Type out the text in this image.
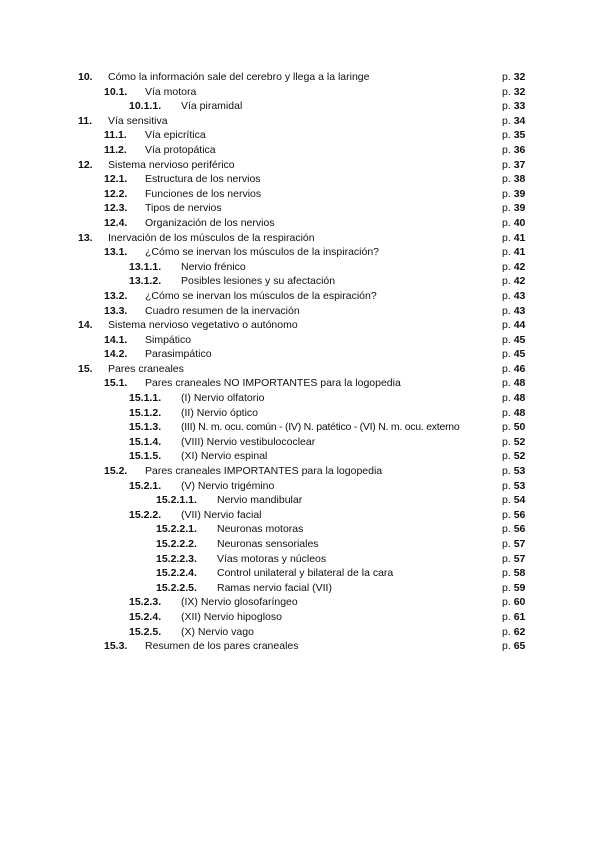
10. Cómo la información sale del cerebro y llega a la laringe	p. 32
10.1. Vía motora	p. 32
10.1.1. Vía piramidal	p. 33
11. Vía sensitiva	p. 34
11.1. Vía epicrítica	p. 35
11.2. Vía protopática	p. 36
12. Sistema nervioso periférico	p. 37
12.1. Estructura de los nervios	p. 38
12.2. Funciones de los nervios	p. 39
12.3. Tipos de nervios	p. 39
12.4. Organización de los nervios	p. 40
13. Inervación de los músculos de la respiración	p. 41
13.1. ¿Cómo se inervan los músculos de la inspiración?	p. 41
13.1.1. Nervio frénico	p. 42
13.1.2. Posibles lesiones y su afectación	p. 42
13.2. ¿Cómo se inervan los músculos de la espiración?	p. 43
13.3. Cuadro resumen de la inervación	p. 43
14. Sistema nervioso vegetativo o autónomo	p. 44
14.1. Simpático	p. 45
14.2. Parasimpático	p. 45
15. Pares craneales	p. 46
15.1. Pares craneales NO IMPORTANTES para la logopedia	p. 48
15.1.1. (I) Nervio olfatorio	p. 48
15.1.2. (II) Nervio óptico	p. 48
15.1.3. (III) N. m. ocu. común - (IV) N. patético - (VI) N. m. ocu. externo	p. 50
15.1.4. (VIII) Nervio vestibulococlear	p. 52
15.1.5. (XI) Nervio espinal	p. 52
15.2. Pares craneales IMPORTANTES para la logopedia	p. 53
15.2.1. (V) Nervio trigémino	p. 53
15.2.1.1. Nervio mandibular	p. 54
15.2.2. (VII) Nervio facial	p. 56
15.2.2.1. Neuronas motoras	p. 56
15.2.2.2. Neuronas sensoriales	p. 57
15.2.2.3. Vías motoras y núcleos	p. 57
15.2.2.4. Control unilateral y bilateral de la cara	p. 58
15.2.2.5. Ramas nervio facial (VII)	p. 59
15.2.3. (IX) Nervio glosofaríngeo	p. 60
15.2.4. (XII) Nervio hipogloso	p. 61
15.2.5. (X) Nervio vago	p. 62
15.3. Resumen de los pares craneales	p. 65
